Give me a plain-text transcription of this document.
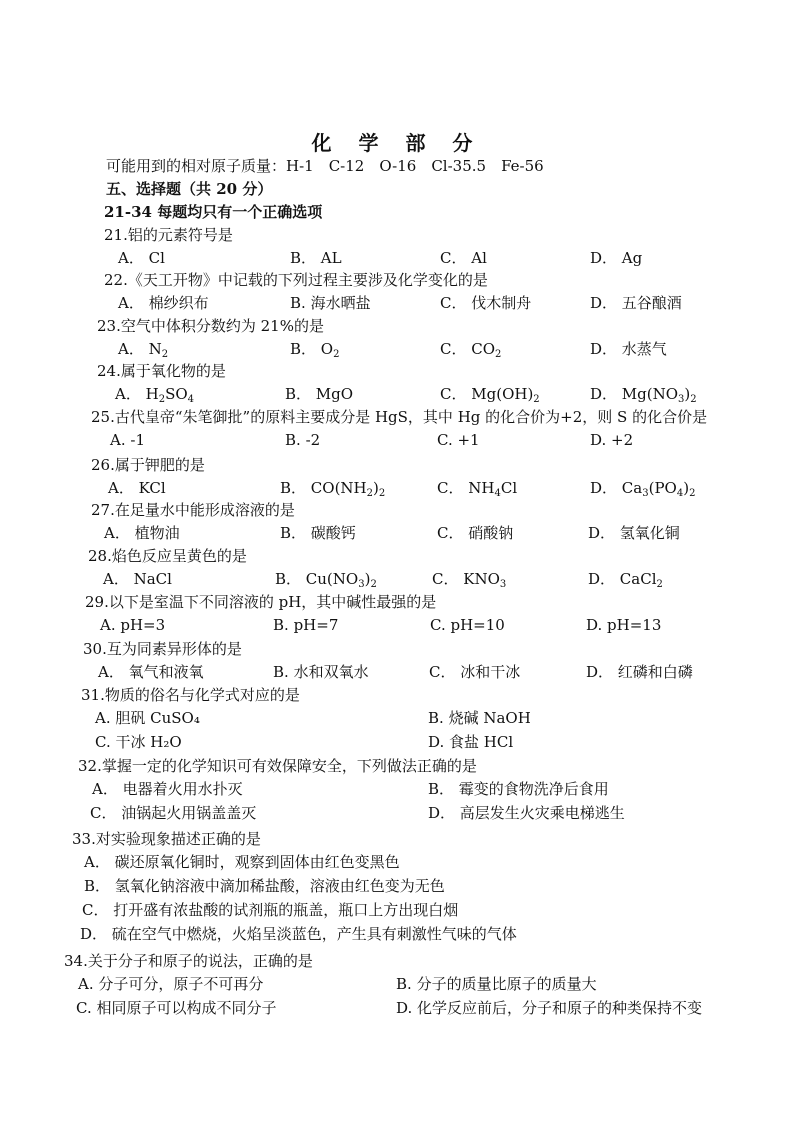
化 学 部 分
可能用到的相对原子质量：H-1　C-12　O-16　Cl-35.5　Fe-56
五、选择题（共 20 分）
21-34 每题均只有一个正确选项
21.铝的元素符号是
A． Cl	B． AL	C． Al	D． Ag
22.《天工开物》中记载的下列过程主要涉及化学变化的是
A． 棉纱织布	B. 海水晒盐	C． 伐木制舟	D． 五谷酿酒
23.空气中体积分数约为 21%的是
A． $N_2$	B． $O_2$	C． $CO_2$	D． 水蒸气
24.属于氧化物的是
A． $H_2SO_4$	B． MgO	C． $Mg(OH)_2$	D． $Mg(NO_3)_2$
25.古代皇帝“朱笔御批”的原料主要成分是 HgS，其中 Hg 的化合价为+2，则 S 的化合价是
A. -1	B. -2	C. +1	D. +2
26.属于钾肥的是
A． KCl	B． $CO(NH_2)_2$	C． $NH_4Cl$	D． $Ca_3(PO_4)_2$
27.在足量水中能形成溶液的是
A． 植物油	B． 碳酸钙	C． 硝酸钠	D． 氢氧化铜
28.焰色反应呈黄色的是
A． NaCl	B． $Cu(NO_3)_2$	C． $KNO_3$	D． CaCl$_2$
29.以下是室温下不同溶液的 pH，其中碱性最强的是
A. pH=3	B. pH=7	C. pH=10	D. pH=13
30.互为同素异形体的是
A． 氧气和液氧	B. 水和双氧水	C． 冰和干冰	D． 红磷和白磷
31.物质的俗名与化学式对应的是
A. 胆矾 CuSO₄	B. 烧碱 NaOH
C. 干冰 H₂O	D. 食盐 HCl
32.掌握一定的化学知识可有效保障安全，下列做法正确的是
A． 电器着火用水扑灭	B． 霉变的食物洗净后食用
C． 油锅起火用锅盖盖灭	D． 高层发生火灾乘电梯逃生
33.对实验现象描述正确的是
A． 碳还原氧化铜时，观察到固体由红色变黑色
B． 氢氧化钠溶液中滴加稀盐酸，溶液由红色变为无色
C． 打开盛有浓盐酸的试剂瓶的瓶盖，瓶口上方出现白烟
D． 硫在空气中燃烧，火焰呈淡蓝色，产生具有刺激性气味的气体
34.关于分子和原子的说法，正确的是
A. 分子可分，原子不可再分	B. 分子的质量比原子的质量大
C. 相同原子可以构成不同分子	D. 化学反应前后，分子和原子的种类保持不变
